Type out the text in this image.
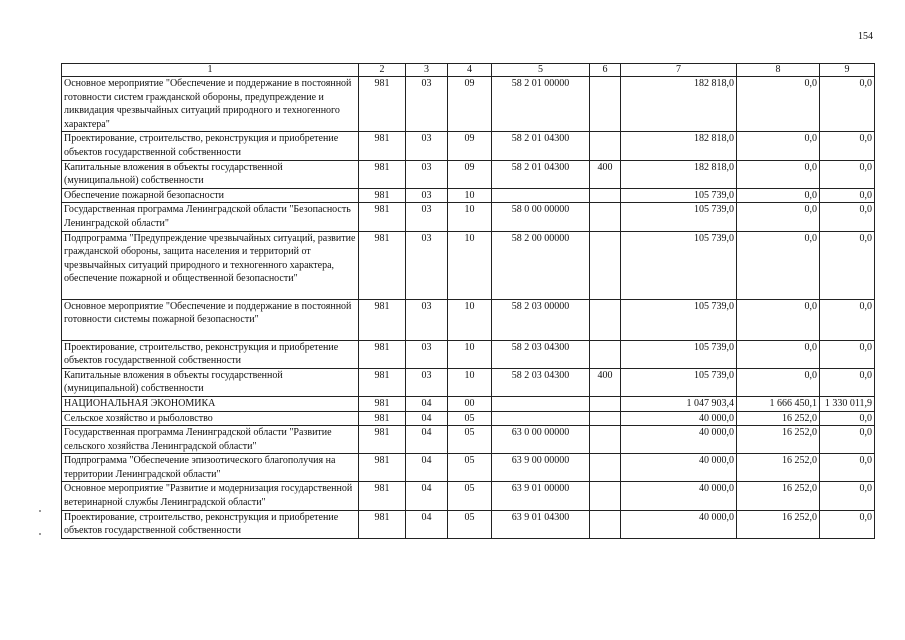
154
1	2	3	4	5	6	7	8	9
Основное мероприятие "Обеспечение и поддержание в постоянной готовности систем гражданской обороны, предупреждение и ликвидация чрезвычайных ситуаций природного и техногенного характера"	981	03	09	58 2 01 00000		182 818,0	0,0	0,0
Проектирование, строительство, реконструкция и приобретение объектов государственной собственности	981	03	09	58 2 01 04300		182 818,0	0,0	0,0
Капитальные вложения в объекты государственной (муниципальной) собственности	981	03	09	58 2 01 04300	400	182 818,0	0,0	0,0
Обеспечение пожарной безопасности	981	03	10			105 739,0	0,0	0,0
Государственная программа Ленинградской области "Безопасность Ленинградской области"	981	03	10	58 0 00 00000		105 739,0	0,0	0,0
Подпрограмма "Предупреждение чрезвычайных ситуаций, развитие гражданской обороны, защита населения и территорий от чрезвычайных ситуаций природного и техногенного характера, обеспечение пожарной и общественной безопасности"	981	03	10	58 2 00 00000		105 739,0	0,0	0,0
Основное мероприятие "Обеспечение и поддержание в постоянной готовности системы пожарной безопасности"	981	03	10	58 2 03 00000		105 739,0	0,0	0,0
Проектирование, строительство, реконструкция и приобретение объектов государственной собственности	981	03	10	58 2 03 04300		105 739,0	0,0	0,0
Капитальные вложения в объекты государственной (муниципальной) собственности	981	03	10	58 2 03 04300	400	105 739,0	0,0	0,0
НАЦИОНАЛЬНАЯ ЭКОНОМИКА	981	04	00			1 047 903,4	1 666 450,1	1 330 011,9
Сельское хозяйство и рыболовство	981	04	05			40 000,0	16 252,0	0,0
Государственная программа Ленинградской области "Развитие сельского хозяйства Ленинградской области"	981	04	05	63 0 00 00000		40 000,0	16 252,0	0,0
Подпрограмма "Обеспечение эпизоотического благополучия на территории Ленинградской области"	981	04	05	63 9 00 00000		40 000,0	16 252,0	0,0
Основное мероприятие "Развитие и модернизация государственной ветеринарной службы Ленинградской области"	981	04	05	63 9 01 00000		40 000,0	16 252,0	0,0
Проектирование, строительство, реконструкция и приобретение объектов государственной собственности	981	04	05	63 9 01 04300		40 000,0	16 252,0	0,0
